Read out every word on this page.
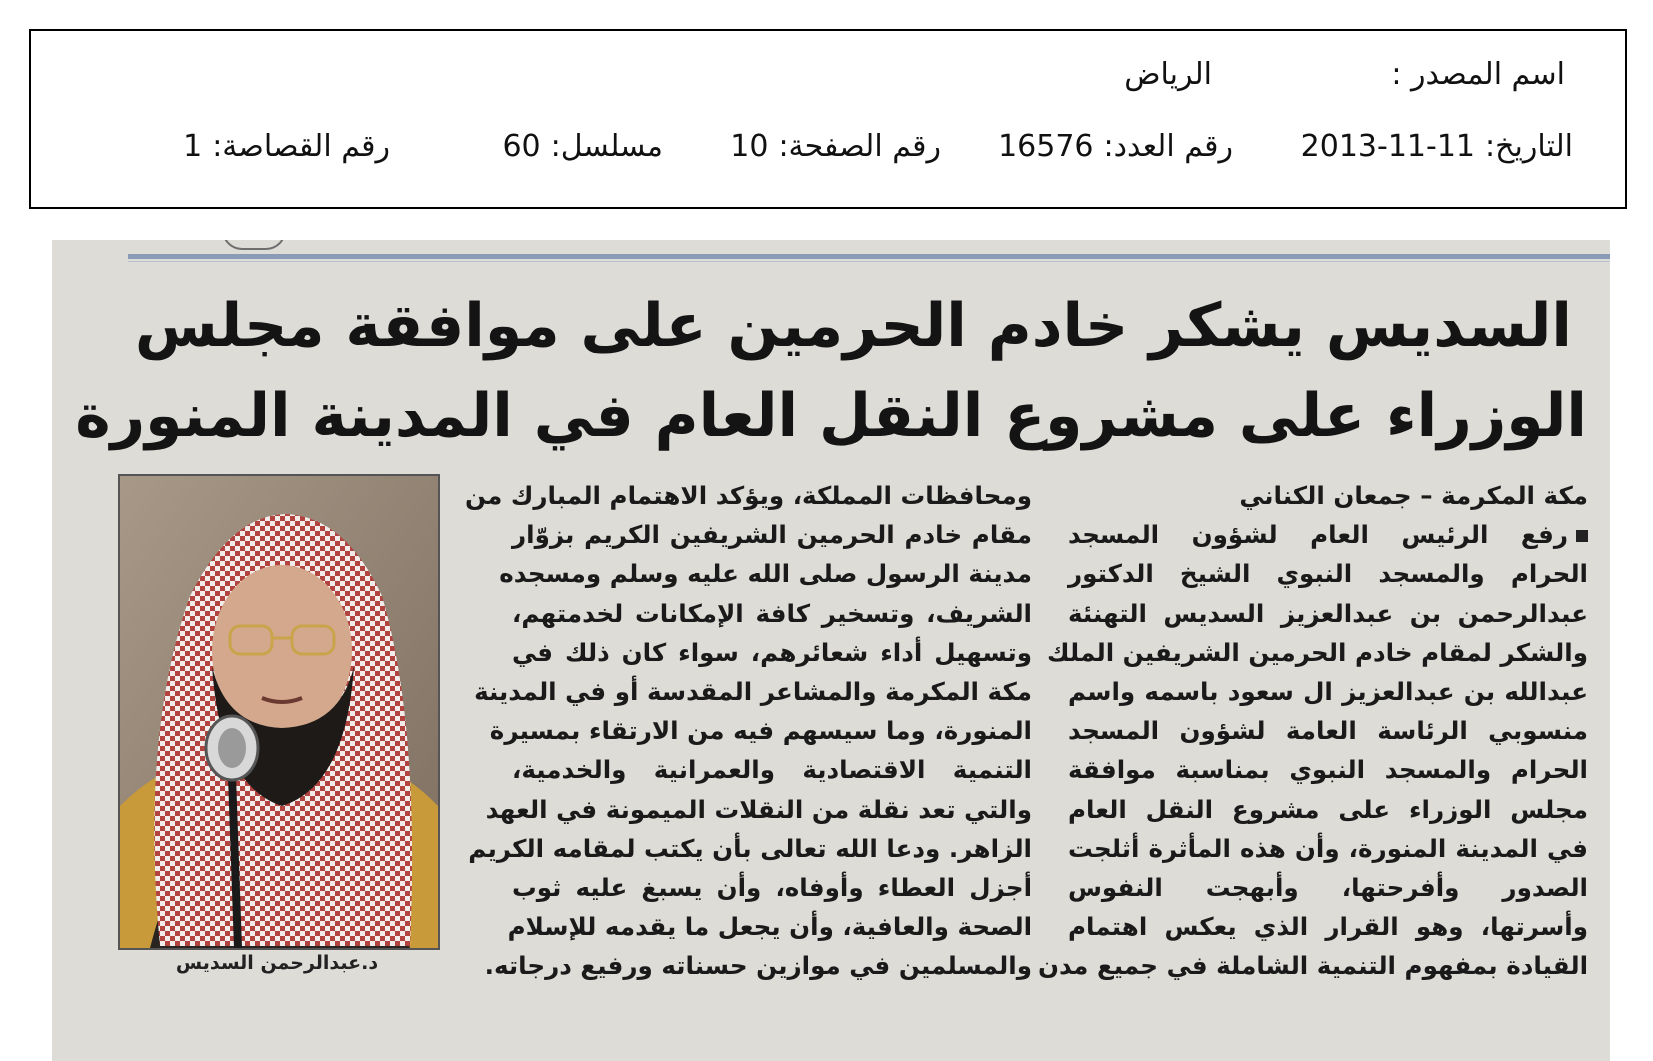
اسم المصدر :
الرياض
التاريخ:2013-11-11
رقم العدد:16576
رقم الصفحة:10
مسلسل:60
رقم القصاصة:1
السديس يشكر خادم الحرمين على موافقة مجلس
الوزراء على مشروع النقل العام في المدينة المنورة
مكة المكرمة – جمعان الكناني
رفع الرئيس العام لشؤون المسجد
الحرام والمسجد النبوي الشيخ الدكتور
عبدالرحمن بن عبدالعزيز السديس التهنئة
والشكر لمقام خادم الحرمين الشريفين الملك
عبدالله بن عبدالعزيز ال سعود باسمه واسم
منسوبي الرئاسة العامة لشؤون المسجد
الحرام والمسجد النبوي بمناسبة موافقة
مجلس الوزراء على مشروع النقل العام
في المدينة المنورة، وأن هذه المأثرة أثلجت
الصدور وأفرحتها، وأبهجت النفوس
وأسرتها، وهو القرار الذي يعكس اهتمام
القيادة بمفهوم التنمية الشاملة في جميع مدن
ومحافظات المملكة، ويؤكد الاهتمام المبارك من
مقام خادم الحرمين الشريفين الكريم بزوّار
مدينة الرسول صلى الله عليه وسلم ومسجده
الشريف، وتسخير كافة الإمكانات لخدمتهم،
وتسهيل أداء شعائرهم، سواء كان ذلك في
مكة المكرمة والمشاعر المقدسة أو في المدينة
المنورة، وما سيسهم فيه من الارتقاء بمسيرة
التنمية الاقتصادية والعمرانية والخدمية،
والتي تعد نقلة من النقلات الميمونة في العهد
الزاهر. ودعا الله تعالى بأن يكتب لمقامه الكريم
أجزل العطاء وأوفاه، وأن يسبغ عليه ثوب
الصحة والعافية، وأن يجعل ما يقدمه للإسلام
والمسلمين في موازين حسناته ورفيع درجاته.
د.عبدالرحمن السديس
